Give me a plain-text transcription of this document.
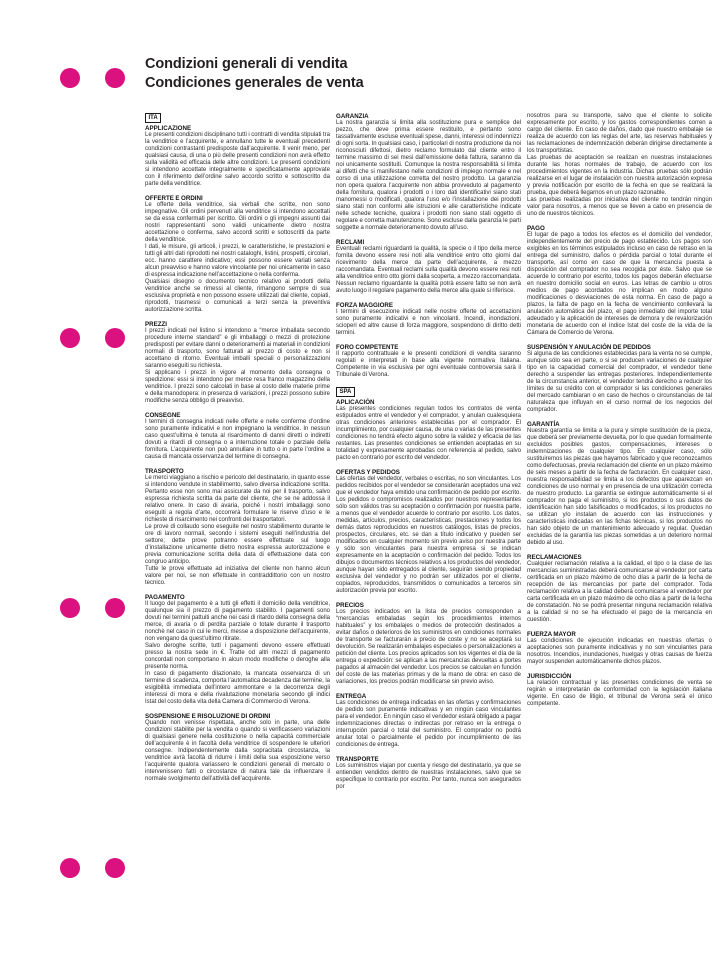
Condizioni generali di vendita
Condiciones generales de venta
ITA
APPLICAZIONE

Le presenti condizioni disciplinano tutti i contratti di vendita stipulati tra la venditrice e l’acquirente, e annullano tutte le eventuali precedenti condizioni contrastanti predisposte dall’acquirente. Il venir meno, per qualsiasi causa, di una o più delle presenti condizioni non avrà effetto sulla validità ed efficacia delle altre condizioni. Le presenti condizioni si intendono accettate integralmente e specificatamente approvate con il riferimento dell’ordine salvo accordo scritto e sottoscritto da parte della venditrice.

OFFERTE E ORDINI

Le offerte della venditrice, sia verbali che scritte, non sono impegnative. Gli ordini pervenuti alla venditrice si intendono accettati se da essa confermati per iscritto. Gli ordini o gli impegni assunti dai nostri rappresentanti sono validi unicamente dietro nostra accettazione o conferma, salvo accordi scritti e sottoscritti da parte della venditrice.

I dati, le misure, gli articoli, i prezzi, le caratteristiche, le prestazioni e tutti gli altri dati riprodotti nei nostri cataloghi, listini, prospetti, circolari, ecc. hanno carattere indicativo; essi possono essere variati senza alcun preavviso e hanno valore vincolante per noi unicamente in caso di espressa indicazione nell’accettazione o nella conferma.

Qualsiasi disegno o documento tecnico relativo ai prodotti della venditrice anche se rimessi al cliente, rimangono sempre di sua esclusiva proprietà e non possono essere utilizzati dal cliente, copiati, riprodotti, trasmessi o comunicati a terzi senza la preventiva autorizzazione scritta.

PREZZI

I prezzi indicati nel listino si intendono a “merce imballata secondo procedure interne standard” e gli imballaggi o mezzi di protezione predisposti per evitare danni o deterioramenti ai materiali in condizioni normali di trasporto, sono fatturati al prezzo di costo e non si accettano di ritorno. Eventuali imballi speciali o personalizzazioni saranno eseguiti su richiesta.

Si applicano i prezzi in vigore al momento della consegna o spedizione: essi si intendono per merce resa franco magazzino della venditrice. I prezzi sono calcolati in base al costo delle materie prime e della manodopera: in presenza di variazioni, i prezzi possono subire modifiche senza obbligo di preavviso.

CONSEGNE

I termini di consegna indicati nelle offerte e nelle conferme d’ordine sono puramente indicativi e non impegnano la venditrice. In nessun caso quest’ultima è tenuta al risarcimento di danni diretti o indiretti dovuti a ritardi di consegna o a interruzione totale o parziale della fornitura. L’acquirente non può annullare in tutto o in parte l’ordine a causa di mancata osservanza del termine di consegna.

TRASPORTO

Le merci viaggiano a rischio e pericolo del destinatario, in quanto esse si intendono vendute in stabilimento, salvo diversa indicazione scritta. Pertanto esse non sono mai assicurate da noi per il trasporto, salvo espressa richiesta scritta da parte del cliente, che se ne addossa il relativo onere. In caso di avaria, poiché i nostri imballaggi sono eseguiti a regola d’arte, occorrerà formulare le riserve d’uso e le richieste di risarcimento nei confronti dei trasportatori.

Le prove di collaudo sono eseguite nel nostro stabilimento durante le ore di lavoro normali, secondo i sistemi eseguiti nell’industria del settore; dette prove potranno essere effettuate sul luogo d’installazione unicamente dietro nostra espressa autorizzazione e previa comunicazione scritta della data di effettuazione data con congruo anticipo.

Tutte le prove effettuate ad iniziativa del cliente non hanno alcun valore per noi, se non effettuate in contraddittorio con un nostro tecnico.

PAGAMENTO

Il luogo del pagamento è a tutti gli effetti il domicilio della venditrice, qualunque sia il prezzo di pagamento stabilito. I pagamenti sono dovuti nei termini pattuiti anche nei casi di ritardo della consegna della merce, di avaria o di perdita parziale o totale durante il trasporto nonchè nel caso in cui le merci, messe a disposizione dell’acquirente, non vengano da quest’ultimo ritirate.

Salvo deroghe scritte, tutti i pagamenti devono essere effettuati presso la nostra sede in €. Tratte od altri mezzi di pagamento concordati non comportano in alcun modo modifiche o deroghe alla presente norma.

In caso di pagamento dilazionato, la mancata osservanza di un termine di scadenza, comporta l’automatica decadenza dal termine, la esigibilità immediata dell’intero ammontare e la decorrenza degli interessi di mora e della rivalutazione monetaria secondo gli indici Istat del costo della vita della Camera di Commercio di Verona.

SOSPENSIONE E RISOLUZIONE DI ORDINI

Quando non venisse rispettata, anche solo in parte, una delle condizioni stabilite per la vendita o quando si verificassero variazioni di qualsiasi genere nella costituzione o nella capacità commerciale dell’acquirente è in facoltà della venditrice di sospendere le ulteriori consegne. Indipendentemente dalla sopracitata circostanza, la venditrice avrà facoltà di ridurre i limiti della sua esposizione verso l’acquirente qualora variassero le condizioni generali di mercato o intervenissero fatti o circostanze di natura tale da influenzare il normale svolgimento dell’attività dell’acquirente.

GARANZIA

La nostra garanzia si limita alla sostituzione pura e semplice del pezzo, che deve prima essere restituito, e pertanto sono tassativamente escluse eventuali spese, danni, interessi od indennizzi di ogni sorta. In qualsiasi caso, i particolari di nostra produzione da noi riconosciuti difettosi, dietro reclamo formulato dal cliente entro il termine massimo di sei mesi dall’emissione della fattura, saranno da noi unicamente sostituiti. Comunque la nostra responsabilità si limita ai difetti che si manifestano nelle condizioni di impiego normale e nel corso di una utilizzazione corretta del nostro prodotto. La garanzia non opera qualora l’acquirente non abbia provveduto al pagamento della fornitura, qualora i prodotti o i loro dati identificativi siano stati manomessi o modificati, qualora l’uso e/o l’installazione dei prodotti siano stati non conformi alle istruzioni e alle caratteristiche indicate nelle schede tecniche, qualora i prodotti non siano stati oggetto di regolare e corretta manutenzione. Sono escluse dalla garanzia le parti soggette a normale deterioramento dovuto all’uso.

RECLAMI

Eventuali reclami riguardanti la qualità, la specie o il tipo della merce fornita devono essere resi noti alla venditrice entro otto giorni dal ricevimento della merce da parte dell’acquirente, a mezzo raccomandata. Eventuali reclami sulla qualità devono essere resi noti alla venditrice entro otto giorni dalla scoperta, a mezzo raccomandata. Nessun reclamo riguardante la qualità potrà essere fatto se non avrà avuto luogo il regolare pagamento della merce alla quale si riferisce.

FORZA MAGGIORE

I termini di esecuzione indicati nelle nostre offerte od accettazioni sono puramente indicativi e non vincolanti. Incendi, inondazioni, scioperi ed altre cause di forza maggiore, sospendono di diritto detti termini.

FORO COMPETENTE

Il rapporto contrattuale e le presenti condizioni di vendita saranno regolati e interpretati in base alla vigente normativa Italiana. Competente in via esclusiva per ogni eventuale controversia sarà il Tribunale di Verona.

SPA
APLICACIÓN

Las presentes condiciones regulan todos los contratos de venta estipulados entre el vendedor y el comprador, y anulan cualesquiera otras condiciones anteriores establecidas por el comprador. El incumplimiento, por cualquier causa, de una o varias de las presentes condiciones no tendrá efecto alguno sobre la validez y eficacia de las restantes. Las presentes condiciones se entienden aceptadas en su totalidad y expresamente aprobadas con referencia al pedido, salvo pacto en contrario por escrito del vendedor.

OFERTAS Y PEDIDOS

Las ofertas del vendedor, verbales o escritas, no son vinculantes. Los pedidos recibidos por el vendedor se considerarán aceptados una vez que el vendedor haya emitido una confirmación de pedido por escrito. Los pedidos o compromisos realizados por nuestros representantes sólo son válidos tras su aceptación o confirmación por nuestra parte, a menos que el vendedor acuerde lo contrario por escrito. Los datos, medidas, artículos, precios, características, prestaciones y todos los demás datos reproducidos en nuestros catálogos, listas de precios, prospectos, circulares, etc. se dan a título indicativo y pueden ser modificados en cualquier momento sin previo aviso por nuestra parte y sólo son vinculantes para nuestra empresa si se indican expresamente en la aceptación o confirmación del pedido. Todos los dibujos o documentos técnicos relativos a los productos del vendedor, aunque hayan sido entregados al cliente, seguirán siendo propiedad exclusiva del vendedor y no podrán ser utilizados por el cliente, copiados, reproducidos, transmitidos o comunicados a terceros sin autorización previa por escrito.

PRECIOS

Los precios indicados en la lista de precios corresponden a “mercancías embaladas según los procedimientos internos habituales” y los embalajes o medios de protección destinados a evitar daños o deterioros de los suministros en condiciones normales de transporte se facturarán a precio de coste y no se aceptará su devolución. Se realizarán embalajes especiales o personalizaciones a petición del cliente. Los precios aplicados son los vigentes el día de la entrega o expedición: se aplican a las mercancías devueltas a portes pagados al almacén del vendedor. Los precios se calculan en función del coste de las materias primas y de la mano de obra: en caso de variaciones, los precios podrán modificarse sin previo aviso.

ENTREGA

Las condiciones de entrega indicadas en las ofertas y confirmaciones de pedido son puramente indicativas y en ningún caso vinculantes para el vendedor. En ningún caso el vendedor estará obligado a pagar indemnizaciones directas o indirectas por retraso en la entrega o interrupción parcial o total del suministro. El comprador no podrá anular total o parcialmente el pedido por incumplimiento de las condiciones de entrega.

TRANSPORTE

Los suministros viajan por cuenta y riesgo del destinatario, ya que se entienden vendidos dentro de nuestras instalaciones, salvo que se especifique lo contrario por escrito. Por tanto, nunca son asegurados por

nosotros para su transporte, salvo que el cliente lo solicite expresamente por escrito, y los gastos correspondientes corren a cargo del cliente. En caso de daños, dado que nuestro embalaje se realiza de acuerdo con las reglas del arte, las reservas habituales y las reclamaciones de indemnización deberán dirigirse directamente a los transportistas.

Las pruebas de aceptación se realizan en nuestras instalaciones durante las horas normales de trabajo, de acuerdo con los procedimientos vigentes en la industria. Dichas pruebas sólo podrán realizarse en el lugar de instalación con nuestra autorización expresa y previa notificación por escrito de la fecha en que se realizará la prueba, que deberá llegarnos en un plazo razonable.

Las pruebas realizadas por iniciativa del cliente no tendrán ningún valor para nosotros, a menos que se lleven a cabo en presencia de uno de nuestros técnicos.

PAGO

El lugar de pago a todos los efectos es el domicilio del vendedor, independientemente del precio de pago establecido. Los pagos son exigibles en los términos estipulados incluso en caso de retraso en la entrega del suministro, daños o pérdida parcial o total durante el transporte, así como en caso de que la mercancía puesta a disposición del comprador no sea recogida por éste. Salvo que se acuerde lo contrario por escrito, todos los pagos deberán efectuarse en nuestro domicilio social en euros. Las letras de cambio u otros medios de pago acordados no implican en modo alguno modificaciones o desviaciones de esta norma. En caso de pago a plazos, la falta de pago en la fecha de vencimiento conllevará la anulación automática del plazo, el pago inmediato del importe total adeudado y la aplicación de intereses de demora y de revalorización monetaria de acuerdo con el índice Istat del coste de la vida de la Cámara de Comercio de Verona.

SUSPENSIÓN Y ANULACIÓN DE PEDIDOS

Si alguna de las condiciones establecidas para la venta no se cumple, aunque sólo sea en parte, o si se producen variaciones de cualquier tipo en la capacidad comercial del comprador, el vendedor tiene derecho a suspender las entregas posteriores. Independientemente de la circunstancia anterior, el vendedor tendrá derecho a reducir los límites de su crédito con el comprador si las condiciones generales del mercado cambiaran o en caso de hechos o circunstancias de tal naturaleza que influyan en el curso normal de los negocios del comprador.

GARANTÍA

Nuestra garantía se limita a la pura y simple sustitución de la pieza, que deberá ser previamente devuelta, por lo que quedan formalmente excluidos posibles gastos, compensaciones, intereses o indemnizaciones de cualquier tipo. En cualquier caso, sólo sustituiremos las piezas que hayamos fabricado y que reconozcamos como defectuosas, previa reclamación del cliente en un plazo máximo de seis meses a partir de la fecha de facturación. En cualquier caso, nuestra responsabilidad se limita a los defectos que aparezcan en condiciones de uso normal y en presencia de una utilización correcta de nuestro producto. La garantía se extingue automáticamente si el comprador no paga el suministro, si los productos o sus datos de identificación han sido falsificados o modificados, si los productos no se utilizan y/o instalan de acuerdo con las instrucciones y características indicadas en las fichas técnicas, si los productos no han sido objeto de un mantenimiento adecuado y regular. Quedan excluidas de la garantía las piezas sometidas a un deterioro normal debido al uso.

RECLAMACIONES

Cualquier reclamación relativa a la calidad, el tipo o la clase de las mercancías suministradas deberá comunicarse al vendedor por carta certificada en un plazo máximo de ocho días a partir de la fecha de recepción de las mercancías por parte del comprador. Toda reclamación relativa a la calidad deberá comunicarse al vendedor por carta certificada en un plazo máximo de ocho días a partir de la fecha de constatación. No se podrá presentar ninguna reclamación relativa a la calidad si no se ha efectuado el pago de la mercancía en cuestión.

FUERZA MAYOR

Las condiciones de ejecución indicadas en nuestras ofertas o aceptaciones son puramente indicativas y no son vinculantes para nosotros. Incendios, inundaciones, huelgas y otras causas de fuerza mayor suspenden automáticamente dichos plazos.

JURISDICCIÓN

La relación contractual y las presentes condiciones de venta se regirán e interpretarán de conformidad con la legislación italiana vigente. En caso de litigio, el tribunal de Verona será el único competente.
